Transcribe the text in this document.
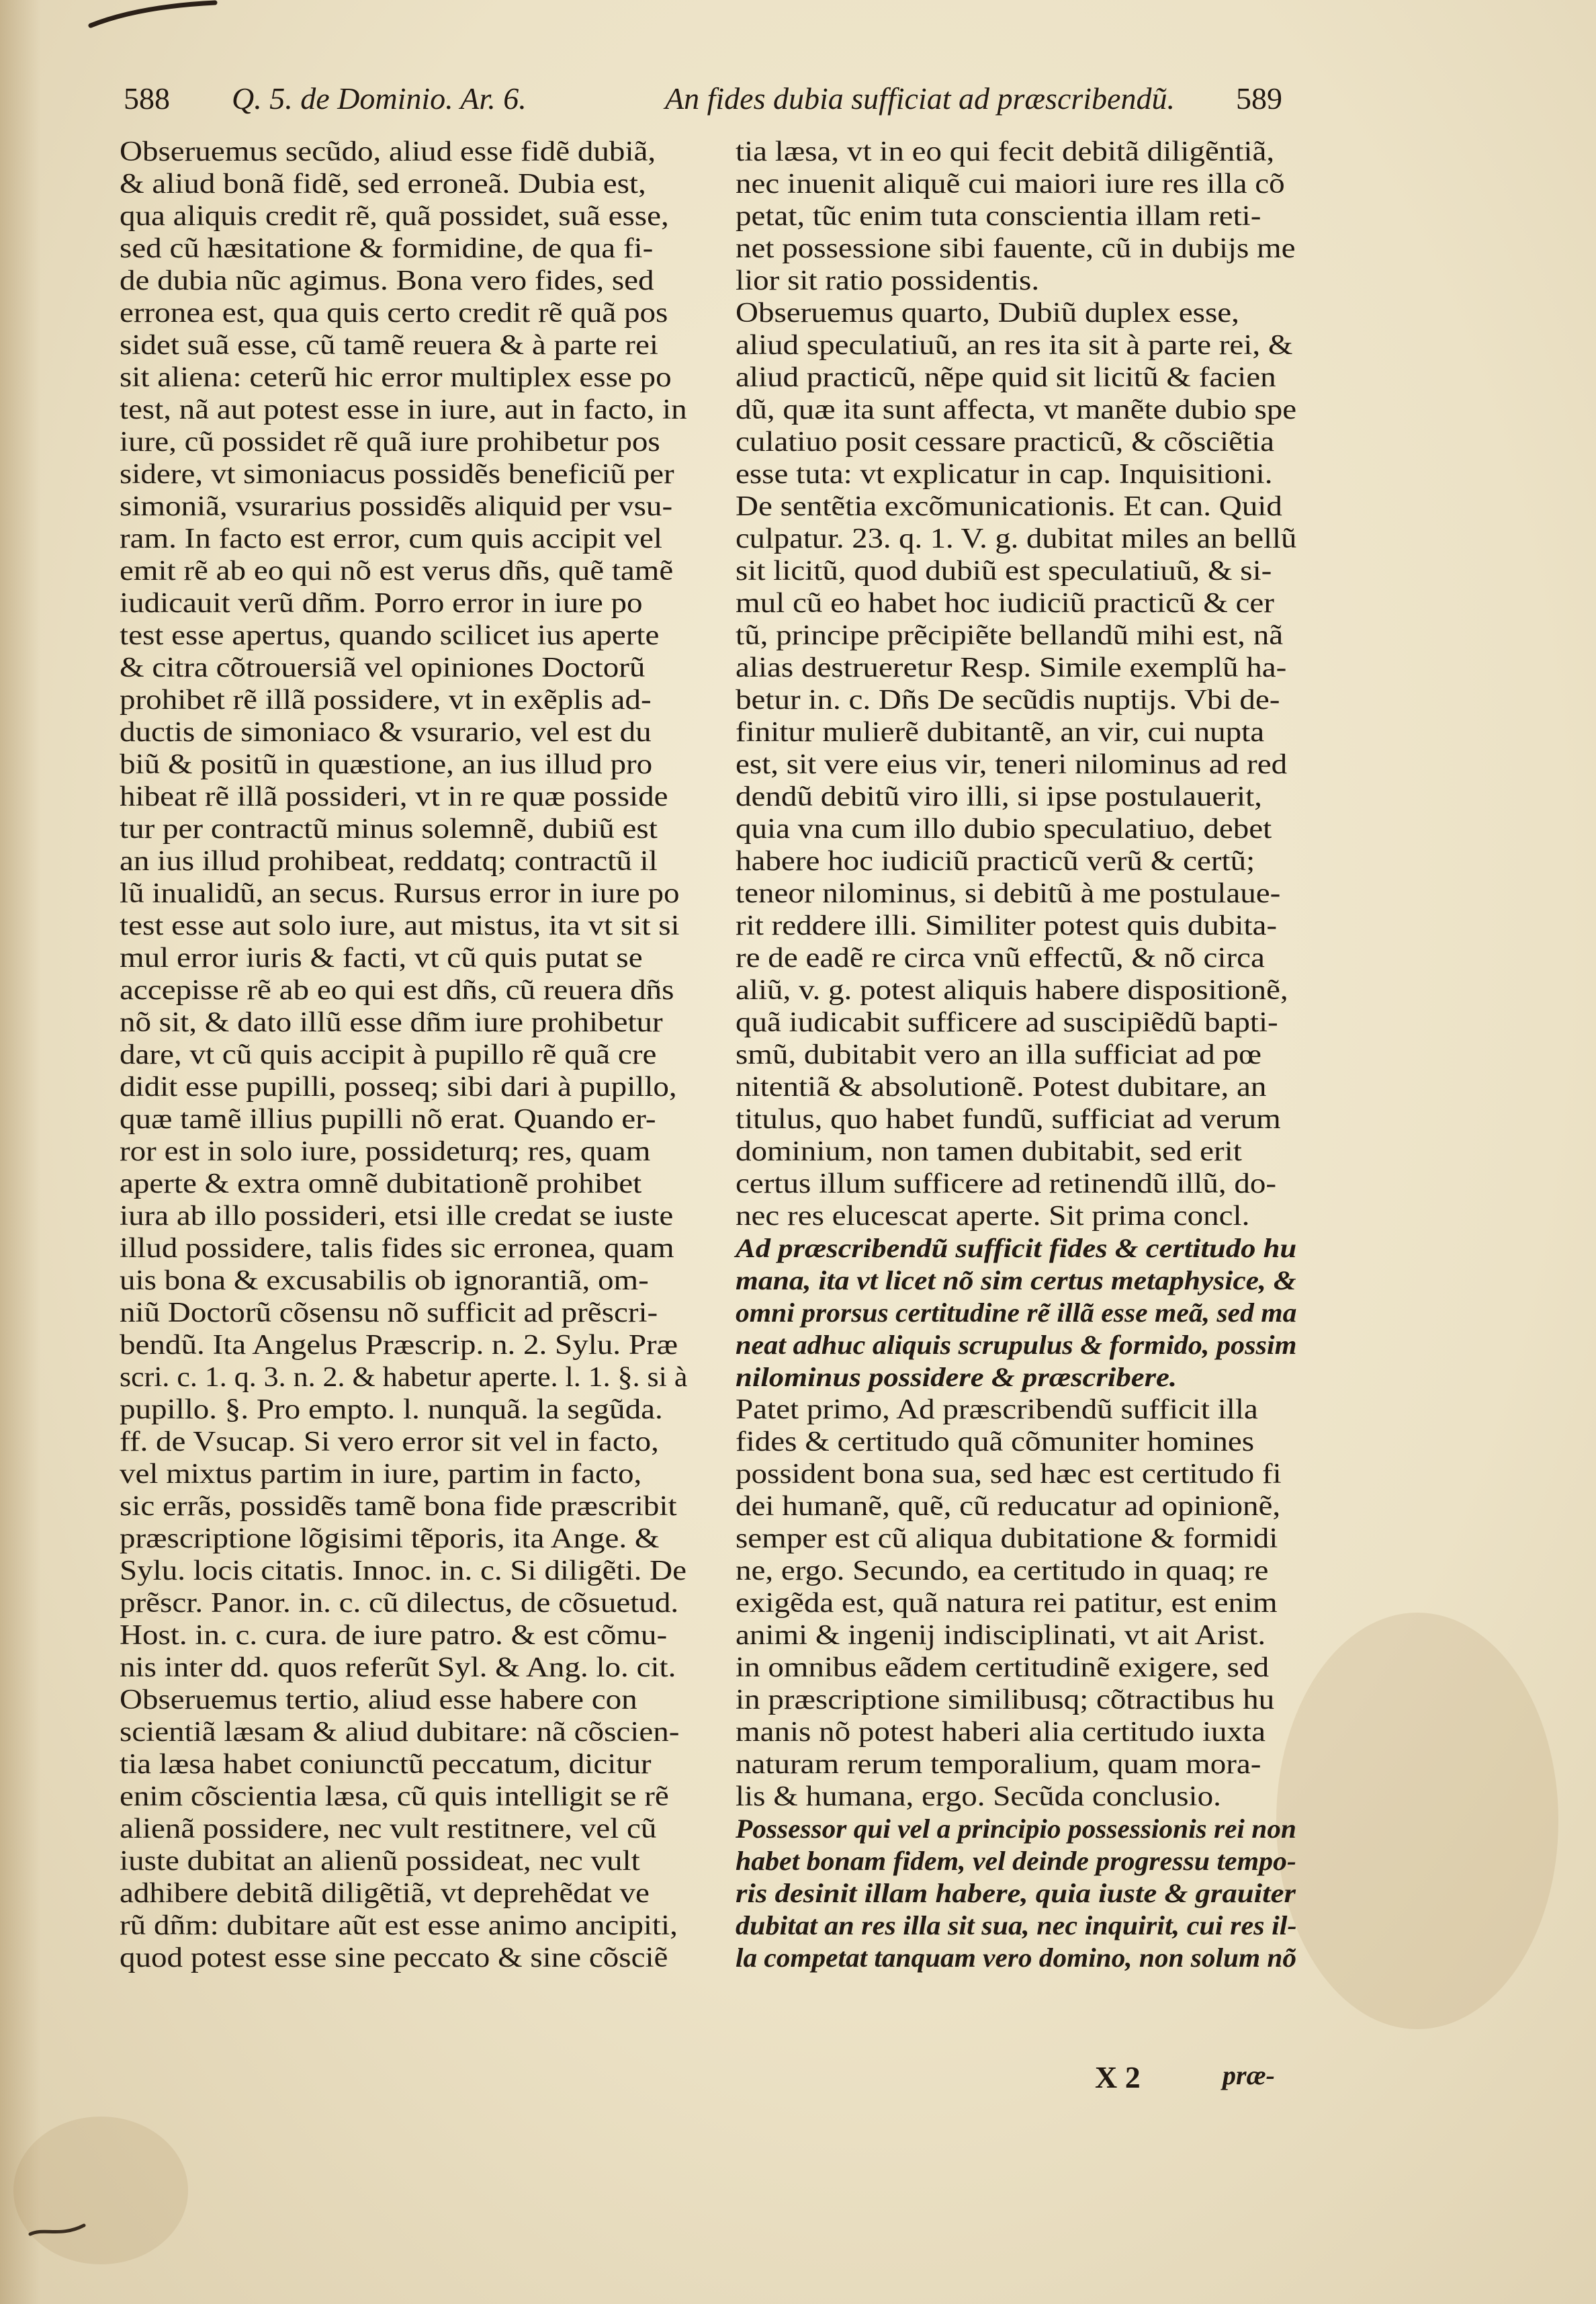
588 Q. 5. de Dominio. Ar. 6.	An fides dubia sufficiat ad præscribendũ. 589
Obseruemus secũdo, aliud esse fidẽ dubiã,
& aliud bonã fidẽ, sed erroneã. Dubia est,
qua aliquis credit rẽ, quã possidet, suã esse,
sed cũ hæsitatione & formidine, de qua fi-
de dubia nũc agimus. Bona vero fides, sed
erronea est, qua quis certo credit rẽ quã pos
sidet suã esse, cũ tamẽ reuera & à parte rei
sit aliena: ceterũ hic error multiplex esse po
test, nã aut potest esse in iure, aut in facto, in
iure, cũ possidet rẽ quã iure prohibetur pos
sidere, vt simoniacus possidẽs beneficiũ per
simoniã, vsurarius possidẽs aliquid per vsu-
ram. In facto est error, cum quis accipit vel
emit rẽ ab eo qui nõ est verus dñs, quẽ tamẽ
iudicauit verũ dñm. Porro error in iure po
test esse apertus, quando scilicet ius aperte
& citra cõtrouersiã vel opiniones Doctorũ
prohibet rẽ illã possidere, vt in exẽplis ad-
ductis de simoniaco & vsurario, vel est du
biũ & positũ in quæstione, an ius illud pro
hibeat rẽ illã possideri, vt in re quæ posside
tur per contractũ minus solemnẽ, dubiũ est
an ius illud prohibeat, reddatq; contractũ il
lũ inualidũ, an secus. Rursus error in iure po
test esse aut solo iure, aut mistus, ita vt sit si
mul error iuris & facti, vt cũ quis putat se
accepisse rẽ ab eo qui est dñs, cũ reuera dñs
nõ sit, & dato illũ esse dñm iure prohibetur
dare, vt cũ quis accipit à pupillo rẽ quã cre
didit esse pupilli, posseq; sibi dari à pupillo,
quæ tamẽ illius pupilli nõ erat. Quando er-
ror est in solo iure, possideturq; res, quam
aperte & extra omnẽ dubitationẽ prohibet
iura ab illo possideri, etsi ille credat se iuste
illud possidere, talis fides sic erronea, quam
uis bona & excusabilis ob ignorantiã, om-
niũ Doctorũ cõsensu nõ sufficit ad prẽscri-
bendũ. Ita Angelus Præscrip. n. 2. Sylu. Præ
scri. c. 1. q. 3. n. 2. & habetur aperte. l. 1. §. si à
pupillo. §. Pro empto. l. nunquã. la segũda.
ff. de Vsucap. Si vero error sit vel in facto,
vel mixtus partim in iure, partim in facto,
sic errãs, possidẽs tamẽ bona fide præscribit
præscriptione lõgisimi tẽporis, ita Ange. &
Sylu. locis citatis. Innoc. in. c. Si diligẽti. De
prẽscr. Panor. in. c. cũ dilectus, de cõsuetud.
Host. in. c. cura. de iure patro. & est cõmu-
nis inter dd. quos referũt Syl. & Ang. lo. cit.
Obseruemus tertio, aliud esse habere con
scientiã læsam & aliud dubitare: nã cõscien-
tia læsa habet coniunctũ peccatum, dicitur
enim cõscientia læsa, cũ quis intelligit se rẽ
alienã possidere, nec vult restitnere, vel cũ
iuste dubitat an alienũ possideat, nec vult
adhibere debitã diligẽtiã, vt deprehẽdat ve
rũ dñm: dubitare aũt est esse animo ancipiti,
quod potest esse sine peccato & sine cõsciẽ
tia læsa, vt in eo qui fecit debitã diligẽntiã,
nec inuenit aliquẽ cui maiori iure res illa cõ
petat, tũc enim tuta conscientia illam reti-
net possessione sibi fauente, cũ in dubijs me
lior sit ratio possidentis.
Obseruemus quarto, Dubiũ duplex esse,
aliud speculatiuũ, an res ita sit à parte rei, &
aliud practicũ, nẽpe quid sit licitũ & facien
dũ, quæ ita sunt affecta, vt manẽte dubio spe
culatiuo posit cessare practicũ, & cõsciẽtia
esse tuta: vt explicatur in cap. Inquisitioni.
De sentẽtia excõmunicationis. Et can. Quid
culpatur. 23. q. 1. V. g. dubitat miles an bellũ
sit licitũ, quod dubiũ est speculatiuũ, & si-
mul cũ eo habet hoc iudiciũ practicũ & cer
tũ, principe prẽcipiẽte bellandũ mihi est, nã
alias destrueretur Resp. Simile exemplũ ha-
betur in. c. Dñs De secũdis nuptijs. Vbi de-
finitur mulierẽ dubitantẽ, an vir, cui nupta
est, sit vere eius vir, teneri nilominus ad red
dendũ debitũ viro illi, si ipse postulauerit,
quia vna cum illo dubio speculatiuo, debet
habere hoc iudiciũ practicũ verũ & certũ;
teneor nilominus, si debitũ à me postulaue-
rit reddere illi. Similiter potest quis dubita-
re de eadẽ re circa vnũ effectũ, & nõ circa
aliũ, v. g. potest aliquis habere dispositionẽ,
quã iudicabit sufficere ad suscipiẽdũ bapti-
smũ, dubitabit vero an illa sufficiat ad pœ
nitentiã & absolutionẽ. Potest dubitare, an
titulus, quo habet fundũ, sufficiat ad verum
dominium, non tamen dubitabit, sed erit
certus illum sufficere ad retinendũ illũ, do-
nec res elucescat aperte. Sit prima concl.
Ad præscribendũ sufficit fides & certitudo hu
mana, ita vt licet nõ sim certus metaphysice, &
omni prorsus certitudine rẽ illã esse meã, sed ma
neat adhuc aliquis scrupulus & formido, possim
nilominus possidere & præscribere.
Patet primo, Ad præscribendũ sufficit illa
fides & certitudo quã cõmuniter homines
possident bona sua, sed hæc est certitudo fi
dei humanẽ, quẽ, cũ reducatur ad opinionẽ,
semper est cũ aliqua dubitatione & formidi
ne, ergo. Secundo, ea certitudo in quaq; re
exigẽda est, quã natura rei patitur, est enim
animi & ingenij indisciplinati, vt ait Arist.
in omnibus eãdem certitudinẽ exigere, sed
in præscriptione similibusq; cõtractibus hu
manis nõ potest haberi alia certitudo iuxta
naturam rerum temporalium, quam mora-
lis & humana, ergo. Secũda conclusio.
Possessor qui vel a principio possessionis rei non
habet bonam fidem, vel deinde progressu tempo-
ris desinit illam habere, quia iuste & grauiter
dubitat an res illa sit sua, nec inquirit, cui res il-
la competat tanquam vero domino, non solum nõ
X 2	præ-
